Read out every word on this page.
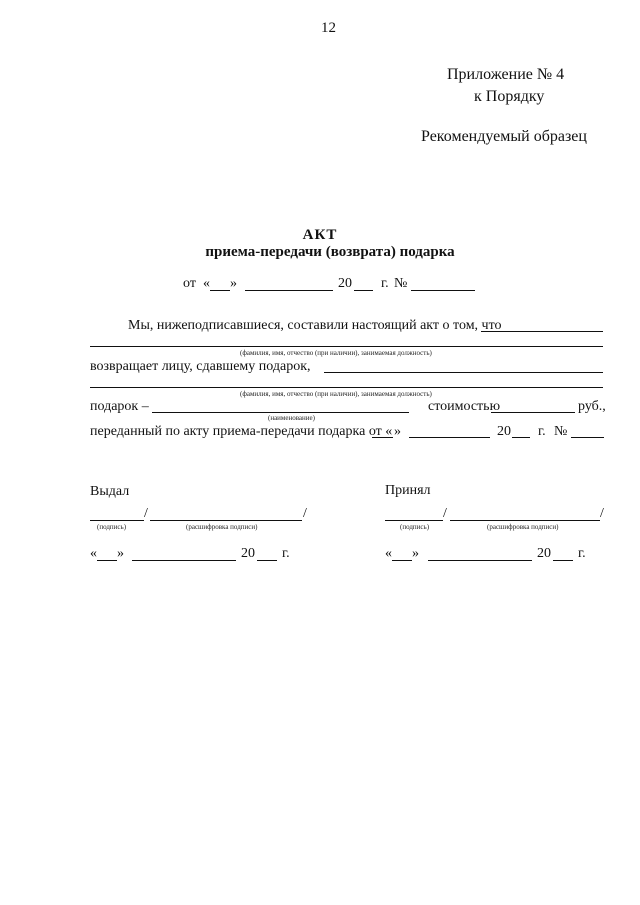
12
Приложение № 4
к Порядку
Рекомендуемый образец
АКТ
приема-передачи (возврата) подарка
от « »	20 г. №
Мы, нижеподписавшиеся, составили настоящий акт о том, что
(фамилия, имя, отчество (при наличии), занимаемая должность)
возвращает лицу, сдавшему подарок,
(фамилия, имя, отчество (при наличии), занимаемая должность)
подарок –	стоимостью	руб.,
(наименование)
переданный по акту приема-передачи подарка от « »	20 г. №
Выдал
/	/
(подпись)	(расшифровка подписи)
« »	20 г.
Принял
/	/
(подпись)	(расшифровка подписи)
« »	20 г.
